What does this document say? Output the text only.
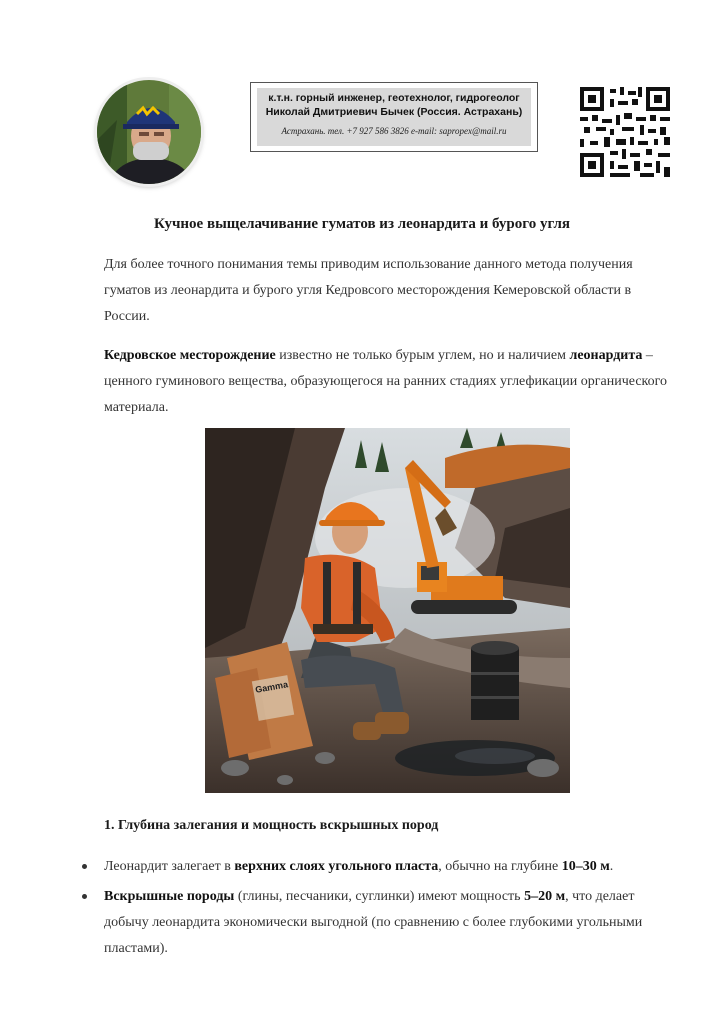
к.т.н. горный инженер, геотехнолог, гидрогеолог
Николай Дмитриевич Бычек (Россия. Астрахань)
Астрахань. тел. +7 927 586 3826 e-mail: sapropex@mail.ru
Кучное выщелачивание гуматов из леонардита и бурого угля
Для более точного понимания темы приводим использование данного метода получения гуматов из леонардита и бурого угля Кедровсого месторождения Кемеровской области в России.
Кедровское месторождение известно не только бурым углем, но и наличием леонардита – ценного гуминового вещества, образующегося на ранних стадиях углефикации органического материала.
Gamma
1. Глубина залегания и мощность вскрышных пород
Леонардит залегает в верхних слоях угольного пласта, обычно на глубине 10–30 м.
Вскрышные породы (глины, песчаники, суглинки) имеют мощность 5–20 м, что делает добычу леонардита экономически выгодной (по сравнению с более глубокими угольными пластами).
